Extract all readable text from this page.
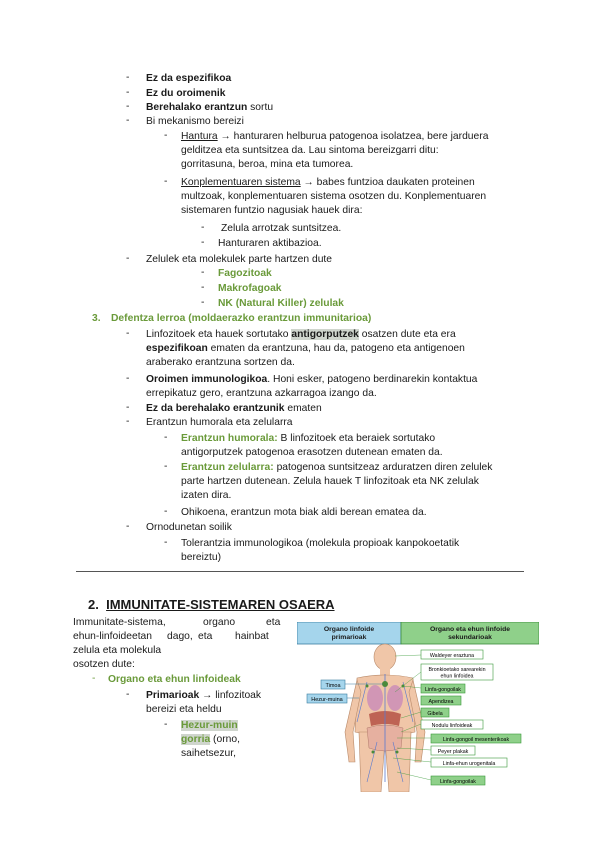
- Ez da espezifikoa
- Ez du oroimenik
- Berehalako erantzun sortu
- Bi mekanismo bereizi
- Hantura → hanturaren helburua patogenoa isolatzea, bere jarduera
gelditzea eta suntsitzea da. Lau sintoma bereizgarri ditu:
gorritasuna, beroa, mina eta tumorea.
- Konplementuaren sistema → babes funtzioa daukaten proteinen
multzoak, konplementuaren sistema osotzen du. Konplementuaren
sistemaren funtzio nagusiak hauek dira:
- Zelula arrotzak suntsitzea.
- Hanturaren aktibazioa.
- Zelulek eta molekulek parte hartzen dute
- Fagozitoak
- Makrofagoak
- NK (Natural Killer) zelulak
3. Defentza lerroa (moldaerazko erantzun immunitarioa)
- Linfozitoek eta hauek sortutako antigorputzek osatzen dute eta era
espezifikoan ematen da erantzuna, hau da, patogeno eta antigenoen
araberako erantzuna sortzen da.
- Oroimen immunologikoa. Honi esker, patogeno berdinarekin kontaktua
errepikatuz gero, erantzuna azkarragoa izango da.
- Ez da berehalako erantzunik ematen
- Erantzun humorala eta zelularra
- Erantzun humorala: B linfozitoek eta beraiek sortutako
antigorputzek patogenoa erasotzen dutenean ematen da.
- Erantzun zelularra: patogenoa suntsitzeaz arduratzen diren zelulek
parte hartzen dutenean. Zelula hauek T linfozitoak eta NK zelulak
izaten dira.
- Ohikoena, erantzun mota biak aldi berean ematea da.
- Ornodunetan soilik
- Tolerantzia immunologikoa (molekula propioak kanpokoetatik
bereiztu)
2. IMMUNITATE-SISTEMAREN OSAERA
Immunitate-sistema,	organo	eta
ehun-linfoideetan dago, eta hainbat
zelula eta molekula
osotzen dute:
- Organo eta ehun linfoideak
- Primarioak → linfozitoak
bereizi eta heldu
- Hezur-muin
gorria (orno,
saihetsezur,
Organo linfoide primarioak
Organo eta ehun linfoide sekundarioak
Timoa
Hezur-muina
Waldeyer eraztuna
Bronkioetako sarearekin ehun linfoidea
Linfa-gongoilak
Apendizea
Gibela
Nodulu linfoideak
Linfa-gongoil mesenterikoak
Peyer plakak
Linfa-ehun urogenitala
Linfa-gongoilak
